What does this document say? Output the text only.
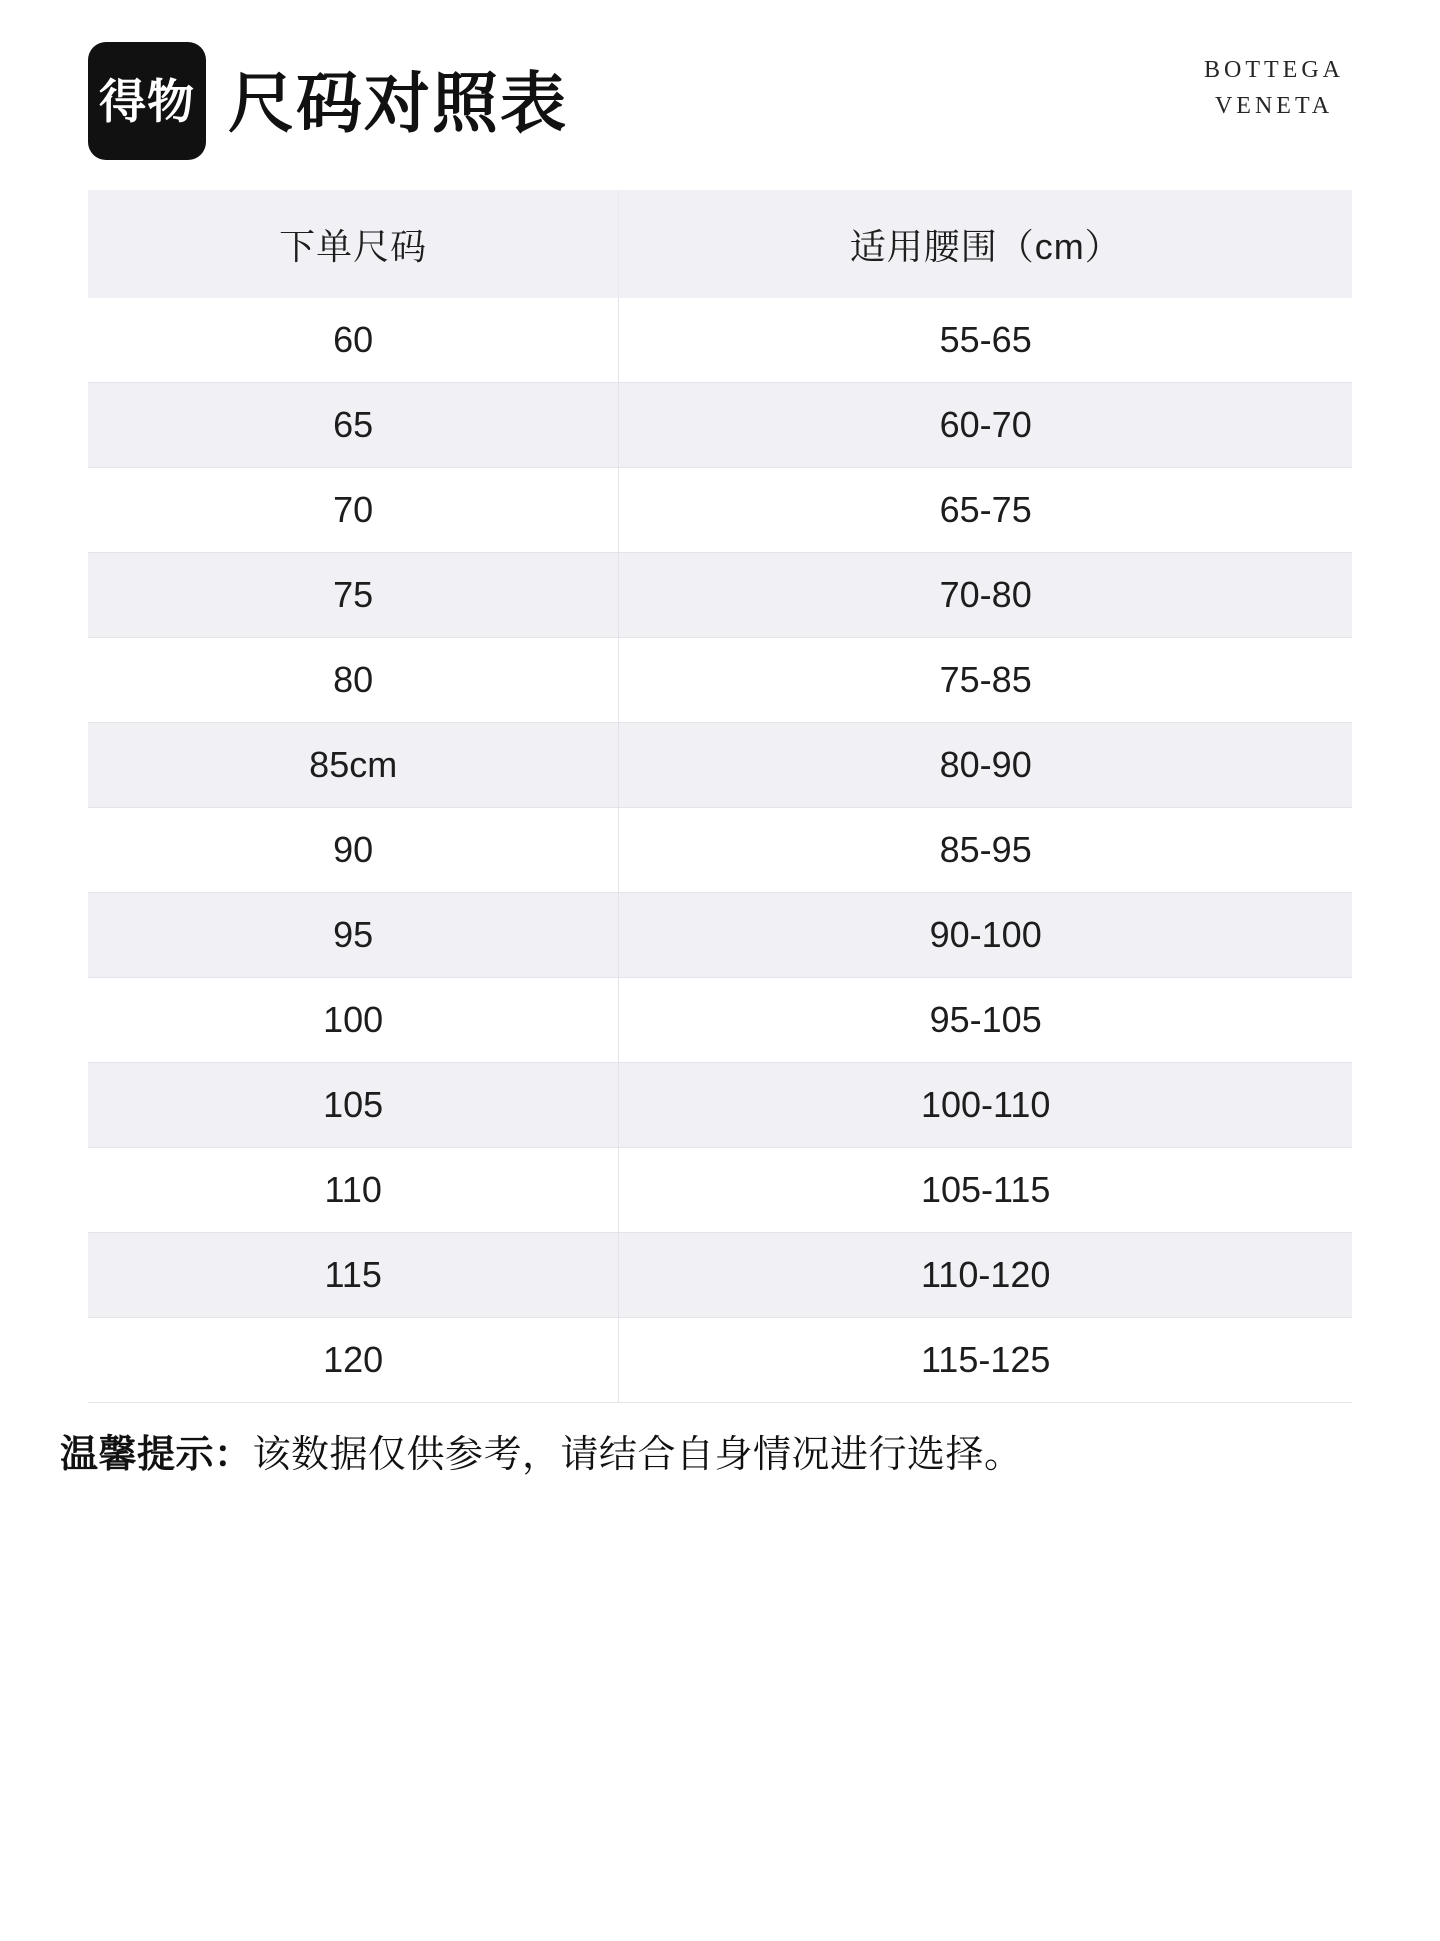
得物 尺码对照表	BOTTEGA
VENETA
下单尺码	适用腰围（cm）
60	55-65
65	60-70
70	65-75
75	70-80
80	75-85
85cm	80-90
90	85-95
95	90-100
100	95-105
105	100-110
110	105-115
115	110-120
120	115-125
温馨提示：该数据仅供参考，请结合自身情况进行选择。
